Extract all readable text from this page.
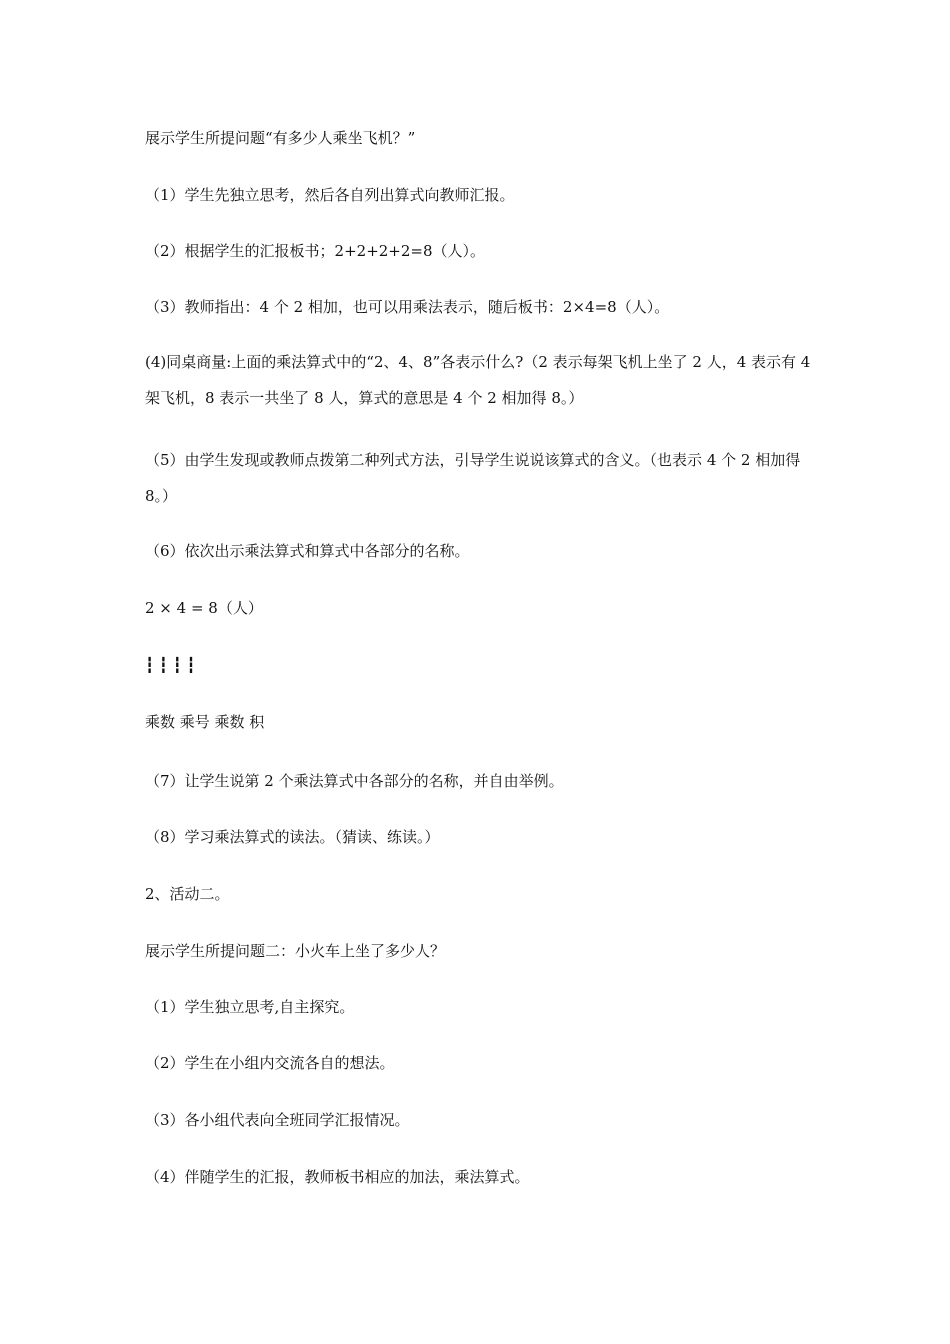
展示学生所提问题“有多少人乘坐飞机？”

（1）学生先独立思考，然后各自列出算式向教师汇报。

（2）根据学生的汇报板书；2+2+2+2=8（人）。

（3）教师指出：4 个 2 相加，也可以用乘法表示，随后板书：2×4=8（人）。

(4)同桌商量:上面的乘法算式中的“2、4、8”各表示什么?（2 表示每架飞机上坐了 2 人，4 表示有 4 架飞机，8 表示一共坐了 8 人，算式的意思是 4 个 2 相加得 8。）

（5）由学生发现或教师点拨第二种列式方法，引导学生说说该算式的含义。（也表示 4 个 2 相加得 8。）

（6）依次出示乘法算式和算式中各部分的名称。

2 × 4 = 8（人）

┇ ┇ ┇ ┇

乘数 乘号 乘数 积

（7）让学生说第 2 个乘法算式中各部分的名称，并自由举例。

（8）学习乘法算式的读法。（猜读、练读。）

2、活动二。

展示学生所提问题二：小火车上坐了多少人？

（1）学生独立思考,自主探究。

（2）学生在小组内交流各自的想法。

（3）各小组代表向全班同学汇报情况。

（4）伴随学生的汇报，教师板书相应的加法，乘法算式。
